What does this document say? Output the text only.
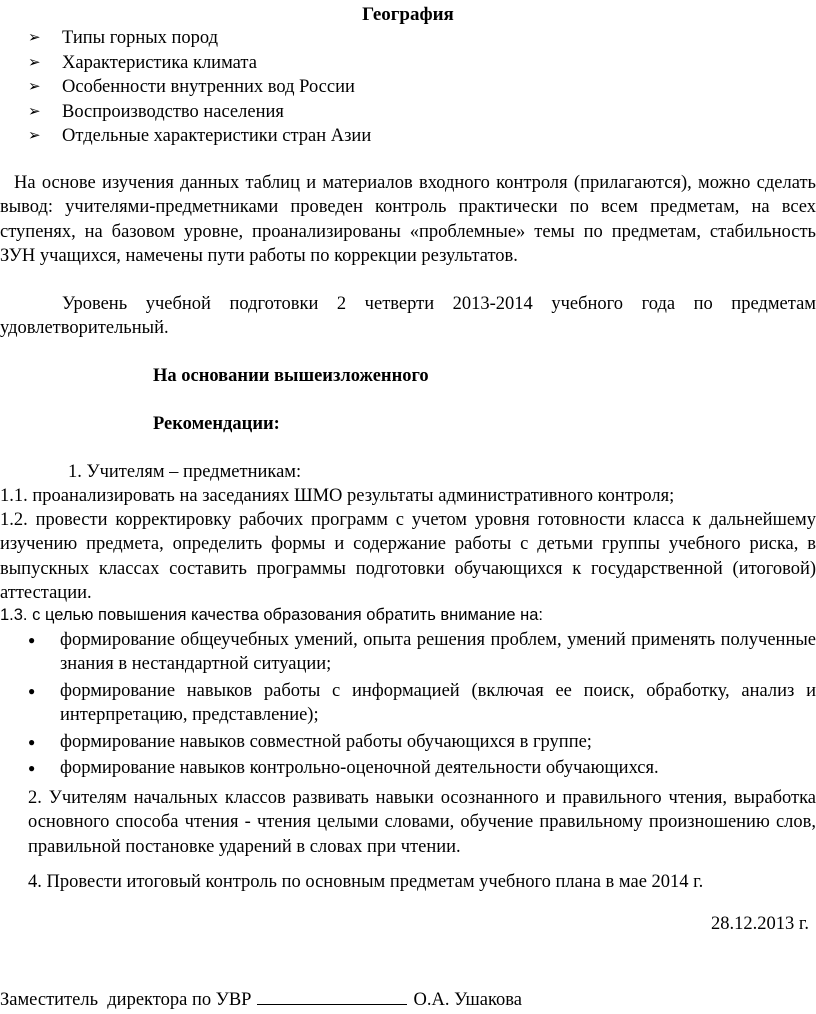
География
➢	Типы горных пород
➢	Характеристика климата
➢	Особенности внутренних вод России
➢	Воспроизводство населения
➢	Отдельные характеристики стран Азии

На основе изучения данных таблиц и материалов входного контроля (прилагаются), можно сделать вывод: учителями-предметниками проведен контроль практически по всем предметам, на всех ступенях, на базовом уровне, проанализированы «проблемные» темы по предметам, стабильность ЗУН учащихся, намечены пути работы по коррекции результатов.

Уровень учебной подготовки 2 четверти 2013-2014 учебного года по предметам удовлетворительный.

На основании вышеизложенного
Рекомендации:
1. Учителям – предметникам:

1.1. проанализировать на заседаниях ШМО результаты административного контроля;

1.2. провести корректировку рабочих программ с учетом уровня готовности класса к дальнейшему изучению предмета, определить формы и содержание работы с детьми группы учебного риска, в выпускных классах составить программы подготовки обучающихся к государственной (итоговой) аттестации.

1.3. с целью повышения качества образования обратить внимание на:

●	формирование общеучебных умений, опыта решения проблем, умений применять полученные знания в нестандартной ситуации;
●	формирование навыков работы с информацией (включая ее поиск, обработку, анализ и интерпретацию, представление);
●	формирование навыков совместной работы обучающихся в группе;
●	формирование навыков контрольно-оценочной деятельности обучающихся.

2. Учителям начальных классов развивать навыки осознанного и правильного чтения, выработка основного способа чтения - чтения целыми словами, обучение правильному произношению слов, правильной постановке ударений в словах при чтении.

4. Провести итоговый контроль по основным предметам учебного плана в мае 2014 г.

28.12.2013 г.
Заместитель  директора по УВР	О.А. Ушакова
